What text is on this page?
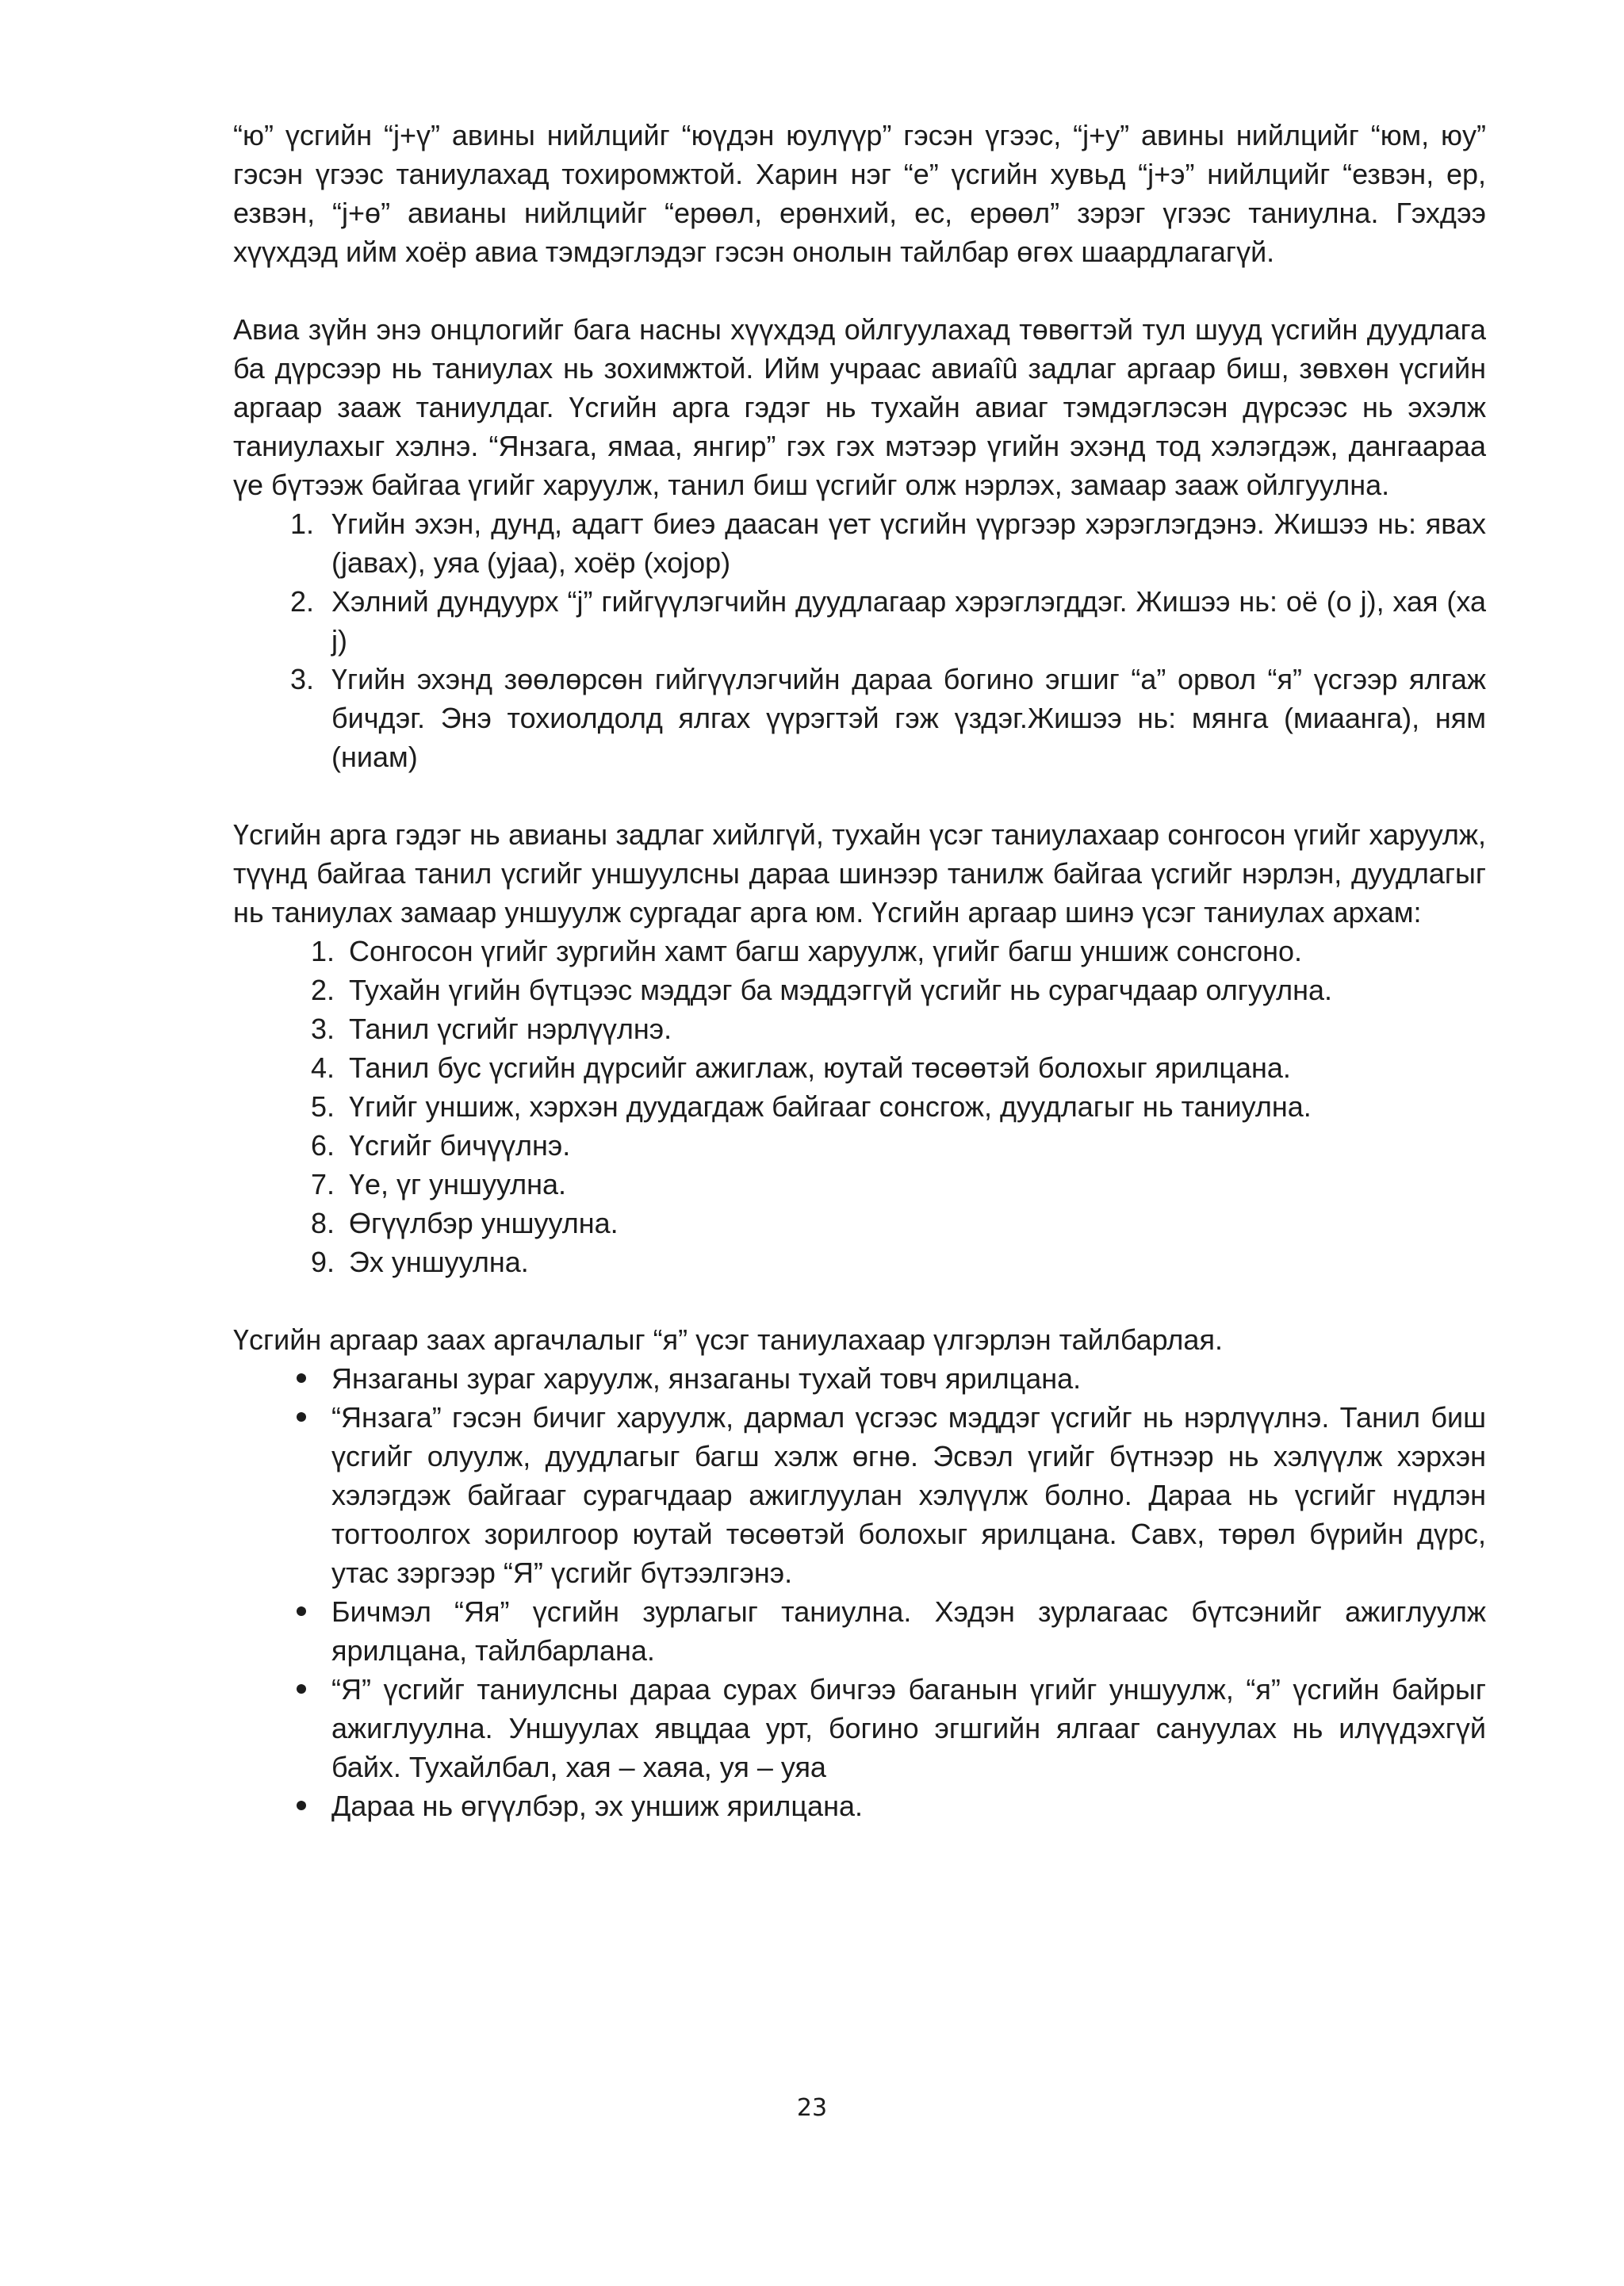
“ю” үсгийн “j+ү” авины нийлцийг “юүдэн юулүүр” гэсэн үгээс, “j+у” авины нийлцийг “юм, юу” гэсэн үгээс таниулахад тохиромжтой. Харин нэг “е” үсгийн хувьд “j+э” нийлцийг “езвэн, ер, езвэн, “j+ө” авианы нийлцийг “ерөөл, ерөнхий, ес, ерөөл” зэрэг үгээс таниулна. Гэхдээ хүүхдэд ийм хоёр авиа тэмдэглэдэг гэсэн онолын тайлбар өгөх шаардлагагүй.

Авиа зүйн энэ онцлогийг бага насны хүүхдэд ойлгуулахад төвөгтэй тул шууд үсгийн дуудлага ба дүрсээр нь таниулах нь зохимжтой. Ийм учраас авиаîû задлаг аргаар биш, зөвхөн үсгийн аргаар зааж таниулдаг. Үсгийн арга гэдэг нь тухайн авиаг тэмдэглэсэн дүрсээс нь эхэлж таниулахыг хэлнэ. “Янзага, ямаа, янгир” гэх гэх мэтээр үгийн эхэнд тод хэлэгдэж, дангаараа үе бүтээж байгаа үгийг харуулж, танил биш үсгийг олж нэрлэх, замаар зааж ойлгуулна.

1. Үгийн эхэн, дунд, адагт биеэ даасан үет үсгийн үүргээр хэрэглэгдэнэ. Жишээ нь: явах (jавах), уяа (уjаа), хоёр (хоjор)
2. Хэлний дундуурх “j” гийгүүлэгчийн дуудлагаар хэрэглэгддэг. Жишээ нь: оё (о j), хая (ха j)
3. Үгийн эхэнд зөөлөрсөн гийгүүлэгчийн дараа богино эгшиг “а” орвол “я” үсгээр ялгаж бичдэг. Энэ тохиолдолд ялгах үүрэгтэй гэж үздэг.Жишээ нь: мянга (миаанга), ням (ниам)

Үсгийн арга гэдэг нь авианы задлаг хийлгүй, тухайн үсэг таниулахаар сонгосон үгийг харуулж, түүнд байгаа танил үсгийг уншуулсны дараа шинээр танилж байгаа үсгийг нэрлэн, дуудлагыг нь таниулах замаар уншуулж сургадаг арга юм. Үсгийн аргаар шинэ үсэг таниулах архам:

1. Сонгосон үгийг зургийн хамт багш харуулж, үгийг багш уншиж сонсгоно.
2. Тухайн үгийн бүтцээс мэддэг ба мэддэггүй үсгийг нь сурагчдаар олгуулна.
3. Танил үсгийг нэрлүүлнэ.
4. Танил бус үсгийн дүрсийг ажиглаж, юутай төсөөтэй болохыг ярилцана.
5. Үгийг уншиж, хэрхэн дуудагдаж байгааг сонсгож, дуудлагыг нь таниулна.
6. Үсгийг бичүүлнэ.
7. Үе, үг уншуулна.
8. Өгүүлбэр уншуулна.
9. Эх уншуулна.

Үсгийн аргаар заах аргачлалыг “я” үсэг таниулахаар үлгэрлэн тайлбарлая.

Янзаганы зураг харуулж, янзаганы тухай товч ярилцана.
“Янзага” гэсэн бичиг харуулж, дармал үсгээс мэддэг үсгийг нь нэрлүүлнэ. Танил биш үсгийг олуулж, дуудлагыг багш хэлж өгнө. Эсвэл үгийг бүтнээр нь хэлүүлж хэрхэн хэлэгдэж байгааг сурагчдаар ажиглуулан хэлүүлж болно. Дараа нь үсгийг нүдлэн тогтоолгох зорилгоор юутай төсөөтэй болохыг ярилцана. Савх, төрөл бүрийн дүрс, утас зэргээр “Я” үсгийг бүтээлгэнэ.
Бичмэл “Яя” үсгийн зурлагыг таниулна. Хэдэн зурлагаас бүтсэнийг ажиглуулж ярилцана, тайлбарлана.
“Я” үсгийг таниулсны дараа сурах бичгээ баганын үгийг уншуулж, “я” үсгийн байрыг ажиглуулна. Уншуулах явцдаа урт, богино эгшгийн ялгааг сануулах нь илүүдэхгүй байх. Тухайлбал, хая – хаяа, уя – уяа
Дараа нь өгүүлбэр, эх уншиж ярилцана.
23
